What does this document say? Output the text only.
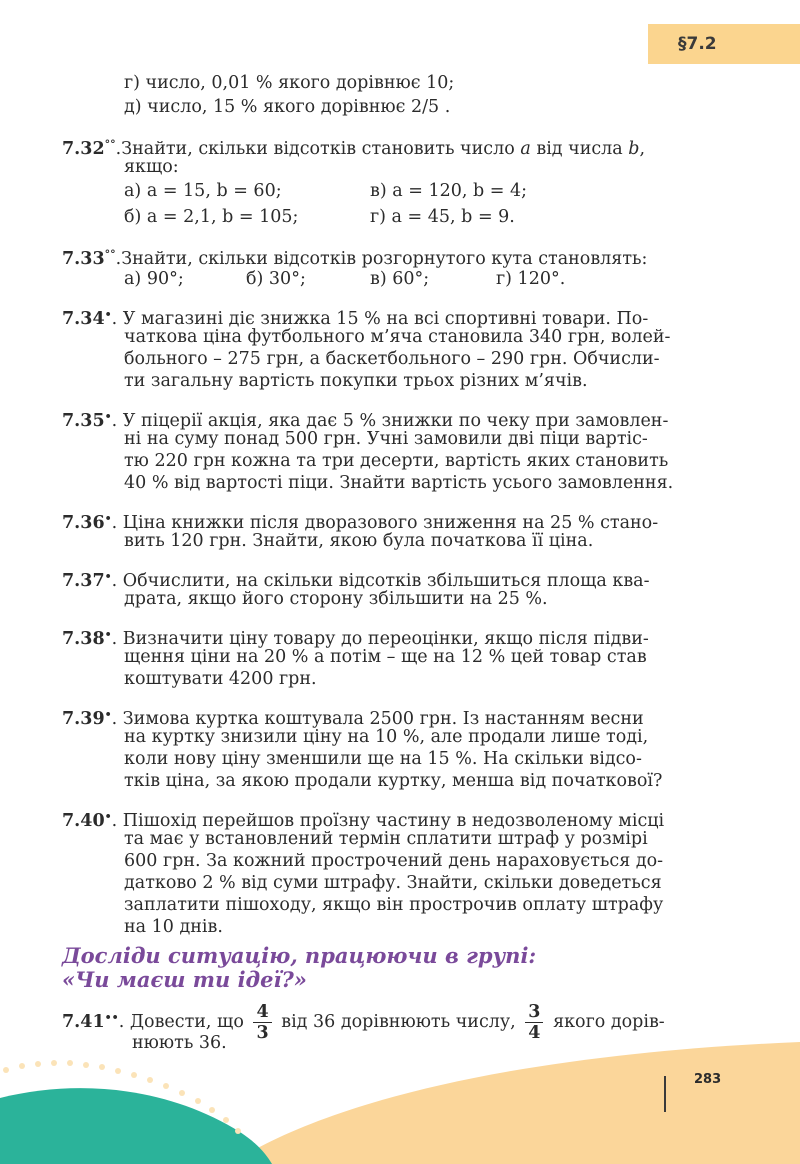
§7.2
г) число, 0,01 % якого дорівнює 10;
д) число, 15 % якого дорівнює 2/5 .
7.32°°.Знайти, скільки відсотків становить число a від числа b,
якщо:
а) a = 15, b = 60;	в) a = 120, b = 4;
б) a = 2,1, b = 105;	г) a = 45, b = 9.
7.33°°.Знайти, скільки відсотків розгорнутого кута становлять:
а) 90°;	б) 30°;	в) 60°;	г) 120°.
7.34•. У магазині діє знижка 15 % на всі спортивні товари. По-
чаткова ціна футбольного м’яча становила 340 грн, волей-
больного – 275 грн, а баскетбольного – 290 грн. Обчисли-
ти загальну вартість покупки трьох різних м’ячів.
7.35•. У піцерії акція, яка дає 5 % знижки по чеку при замовлен-
ні на суму понад 500 грн. Учні замовили дві піци вартіс-
тю 220 грн кожна та три десерти, вартість яких становить
40 % від вартості піци. Знайти вартість усього замовлення.
7.36•. Ціна книжки після дворазового зниження на 25 % стано-
вить 120 грн. Знайти, якою була початкова її ціна.
7.37•. Обчислити, на скільки відсотків збільшиться площа ква-
драта, якщо його сторону збільшити на 25 %.
7.38•. Визначити ціну товару до переоцінки, якщо після підви-
щення ціни на 20 % а потім – ще на 12 % цей товар став
коштувати 4200 грн.
7.39•. Зимова куртка коштувала 2500 грн. Із настанням весни
на куртку знизили ціну на 10 %, але продали лише тоді,
коли нову ціну зменшили ще на 15 %. На скільки відсо-
тків ціна, за якою продали куртку, менша від початкової?
7.40•. Пішохід перейшов проїзну частину в недозволеному місці
та має у встановлений термін сплатити штраф у розмірі
600 грн. За кожний прострочений день нараховується до-
датково 2 % від суми штрафу. Знайти, скільки доведеться
заплатити пішоходу, якщо він прострочив оплату штрафу
на 10 днів.
Досліди ситуацію, працюючи в групі:
«Чи маєш ти ідеї?»
7.41••. Довести, що $\frac{4}{3}$ від 36 дорівнюють числу, $\frac{3}{4}$ якого дорів-
нюють 36.
283
